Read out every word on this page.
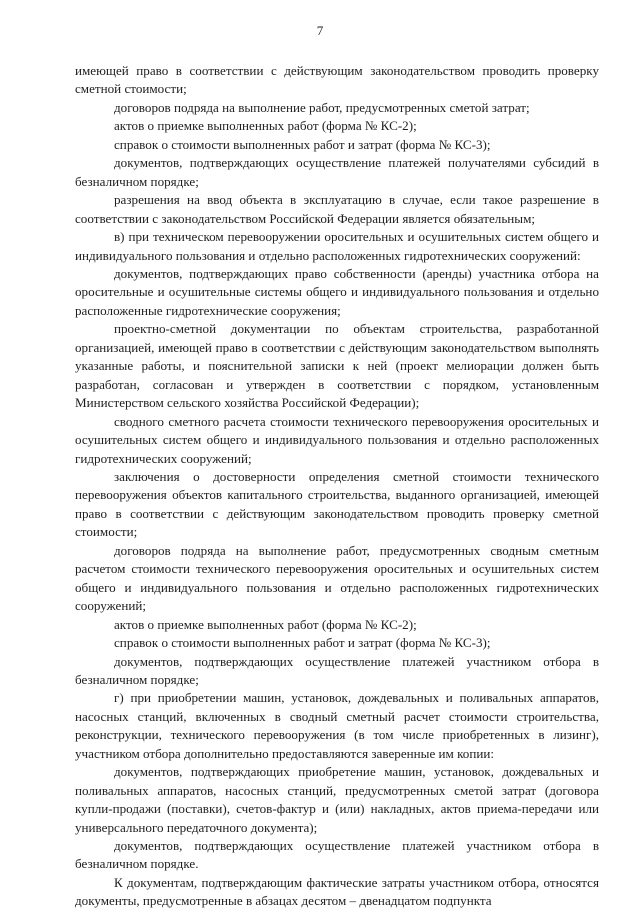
7

имеющей право в соответствии с действующим законодательством проводить проверку сметной стоимости;

договоров подряда на выполнение работ, предусмотренных сметой затрат;

актов о приемке выполненных работ (форма № КС-2);

справок о стоимости выполненных работ и затрат (форма № КС-3);

документов, подтверждающих осуществление платежей получателями субсидий в безналичном порядке;

разрешения на ввод объекта в эксплуатацию в случае, если такое разрешение в соответствии с законодательством Российской Федерации является обязательным;

в) при техническом перевооружении оросительных и осушительных систем общего и индивидуального пользования и отдельно расположенных гидротехнических сооружений:

документов, подтверждающих право собственности (аренды) участника отбора на оросительные и осушительные системы общего и индивидуального пользования и отдельно расположенные гидротехнические сооружения;

проектно-сметной документации по объектам строительства, разработанной организацией, имеющей право в соответствии с действующим законодательством выполнять указанные работы, и пояснительной записки к ней (проект мелиорации должен быть разработан, согласован и утвержден в соответствии с порядком, установленным Министерством сельского хозяйства Российской Федерации);

сводного сметного расчета стоимости технического перевооружения оросительных и осушительных систем общего и индивидуального пользования и отдельно расположенных гидротехнических сооружений;

заключения о достоверности определения сметной стоимости технического перевооружения объектов капитального строительства, выданного организацией, имеющей право в соответствии с действующим законодательством проводить проверку сметной стоимости;

договоров подряда на выполнение работ, предусмотренных сводным сметным расчетом стоимости технического перевооружения оросительных и осушительных систем общего и индивидуального пользования и отдельно расположенных гидротехнических сооружений;

актов о приемке выполненных работ (форма № КС-2);

справок о стоимости выполненных работ и затрат (форма № КС-3);

документов, подтверждающих осуществление платежей участником отбора в безналичном порядке;

г) при приобретении машин, установок, дождевальных и поливальных аппаратов, насосных станций, включенных в сводный сметный расчет стоимости строительства, реконструкции, технического перевооружения (в том числе приобретенных в лизинг), участником отбора дополнительно предоставляются заверенные им копии:

документов, подтверждающих приобретение машин, установок, дождевальных и поливальных аппаратов, насосных станций, предусмотренных сметой затрат (договора купли-продажи (поставки), счетов-фактур и (или) накладных, актов приема-передачи или универсального передаточного документа);

документов, подтверждающих осуществление платежей участником отбора в безналичном порядке.

К документам, подтверждающим фактические затраты участником отбора, относятся документы, предусмотренные в абзацах десятом – двенадцатом подпункта
